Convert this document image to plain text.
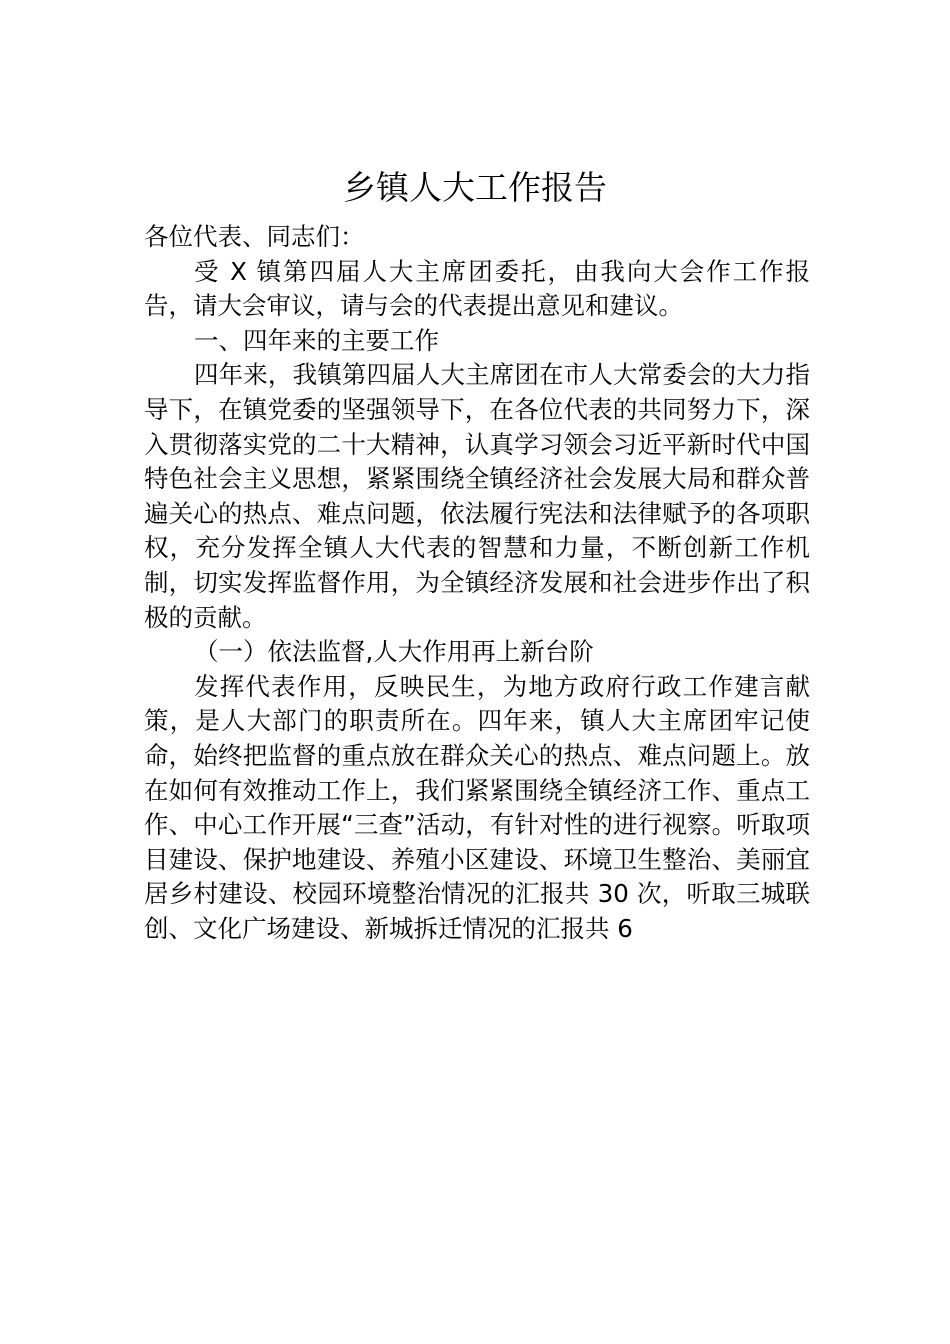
乡镇人大工作报告

各位代表、同志们：

受 X 镇第四届人大主席团委托，由我向大会作工作报告，请大会审议，请与会的代表提出意见和建议。

一、四年来的主要工作

四年来，我镇第四届人大主席团在市人大常委会的大力指导下，在镇党委的坚强领导下，在各位代表的共同努力下，深入贯彻落实党的二十大精神，认真学习领会习近平新时代中国特色社会主义思想，紧紧围绕全镇经济社会发展大局和群众普遍关心的热点、难点问题，依法履行宪法和法律赋予的各项职权，充分发挥全镇人大代表的智慧和力量，不断创新工作机制，切实发挥监督作用，为全镇经济发展和社会进步作出了积极的贡献。

（一）依法监督,人大作用再上新台阶

发挥代表作用，反映民生，为地方政府行政工作建言献策，是人大部门的职责所在。四年来，镇人大主席团牢记使命，始终把监督的重点放在群众关心的热点、难点问题上。放在如何有效推动工作上，我们紧紧围绕全镇经济工作、重点工作、中心工作开展“三查”活动，有针对性的进行视察。听取项目建设、保护地建设、养殖小区建设、环境卫生整治、美丽宜居乡村建设、校园环境整治情况的汇报共 30 次，听取三城联创、文化广场建设、新城拆迁情况的汇报共 6
